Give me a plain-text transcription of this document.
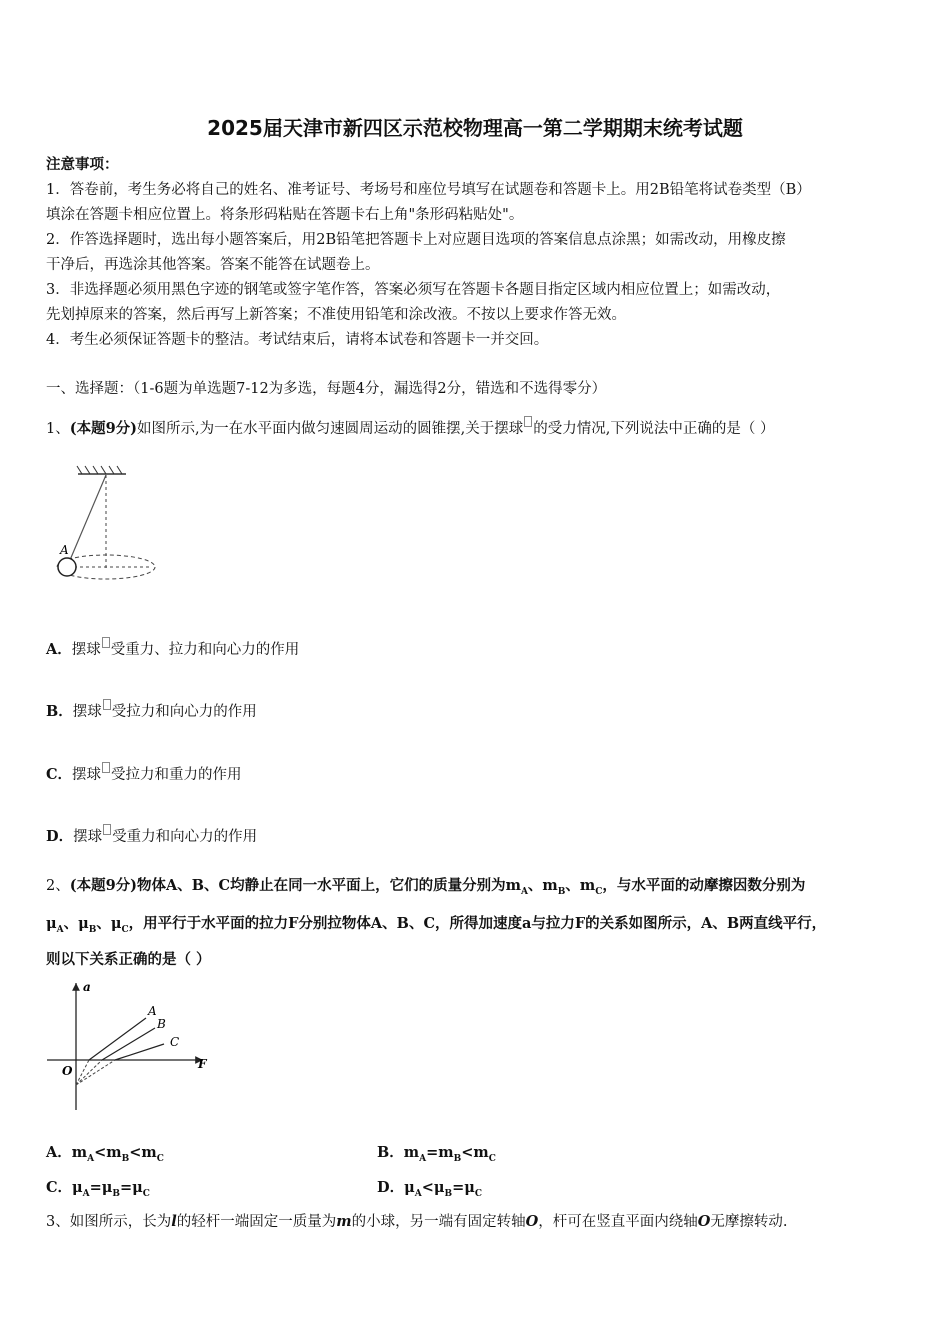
2025届天津市新四区示范校物理高一第二学期期末统考试题
注意事项：
1．答卷前，考生务必将自己的姓名、准考证号、考场号和座位号填写在试题卷和答题卡上。用2B铅笔将试卷类型（B）
填涂在答题卡相应位置上。将条形码粘贴在答题卡右上角"条形码粘贴处"。
2．作答选择题时，选出每小题答案后，用2B铅笔把答题卡上对应题目选项的答案信息点涂黑；如需改动，用橡皮擦
干净后，再选涂其他答案。答案不能答在试题卷上。
3．非选择题必须用黑色字迹的钢笔或签字笔作答，答案必须写在答题卡各题目指定区域内相应位置上；如需改动，
先划掉原来的答案，然后再写上新答案；不准使用铅笔和涂改液。不按以上要求作答无效。
4．考生必须保证答题卡的整洁。考试结束后，请将本试卷和答题卡一并交回。
一、选择题：（1-6题为单选题7-12为多选，每题4分，漏选得2分，错选和不选得零分）
1、(本题9分)如图所示,为一在水平面内做匀速圆周运动的圆锥摆,关于摆球 的受力情况,下列说法中正确的是（ ）
A
A．摆球 受重力、拉力和向心力的作用
B．摆球 受拉力和向心力的作用
C．摆球 受拉力和重力的作用
D．摆球 受重力和向心力的作用
2、(本题9分)物体A、B、C均静止在同一水平面上，它们的质量分别为$m_A$、$m_B$、$m_C$，与水平面的动摩擦因数分别为
$\mu_A$、$\mu_B$、$\mu_C$，用平行于水平面的拉力F分别拉物体A、B、C，所得加速度a与拉力F的关系如图所示，A、B两直线平行，
则以下关系正确的是（ ）
a
F
O
A
B
C
A．$m_A<m_B<m_C$	B．$m_A=m_B<m_C$
C．$\mu_A=\mu_B=\mu_C$	D．$\mu_A<\mu_B=\mu_C$
3、如图所示，长为l的轻杆一端固定一质量为m的小球，另一端有固定转轴O，杆可在竖直平面内绕轴O无摩擦转动.
